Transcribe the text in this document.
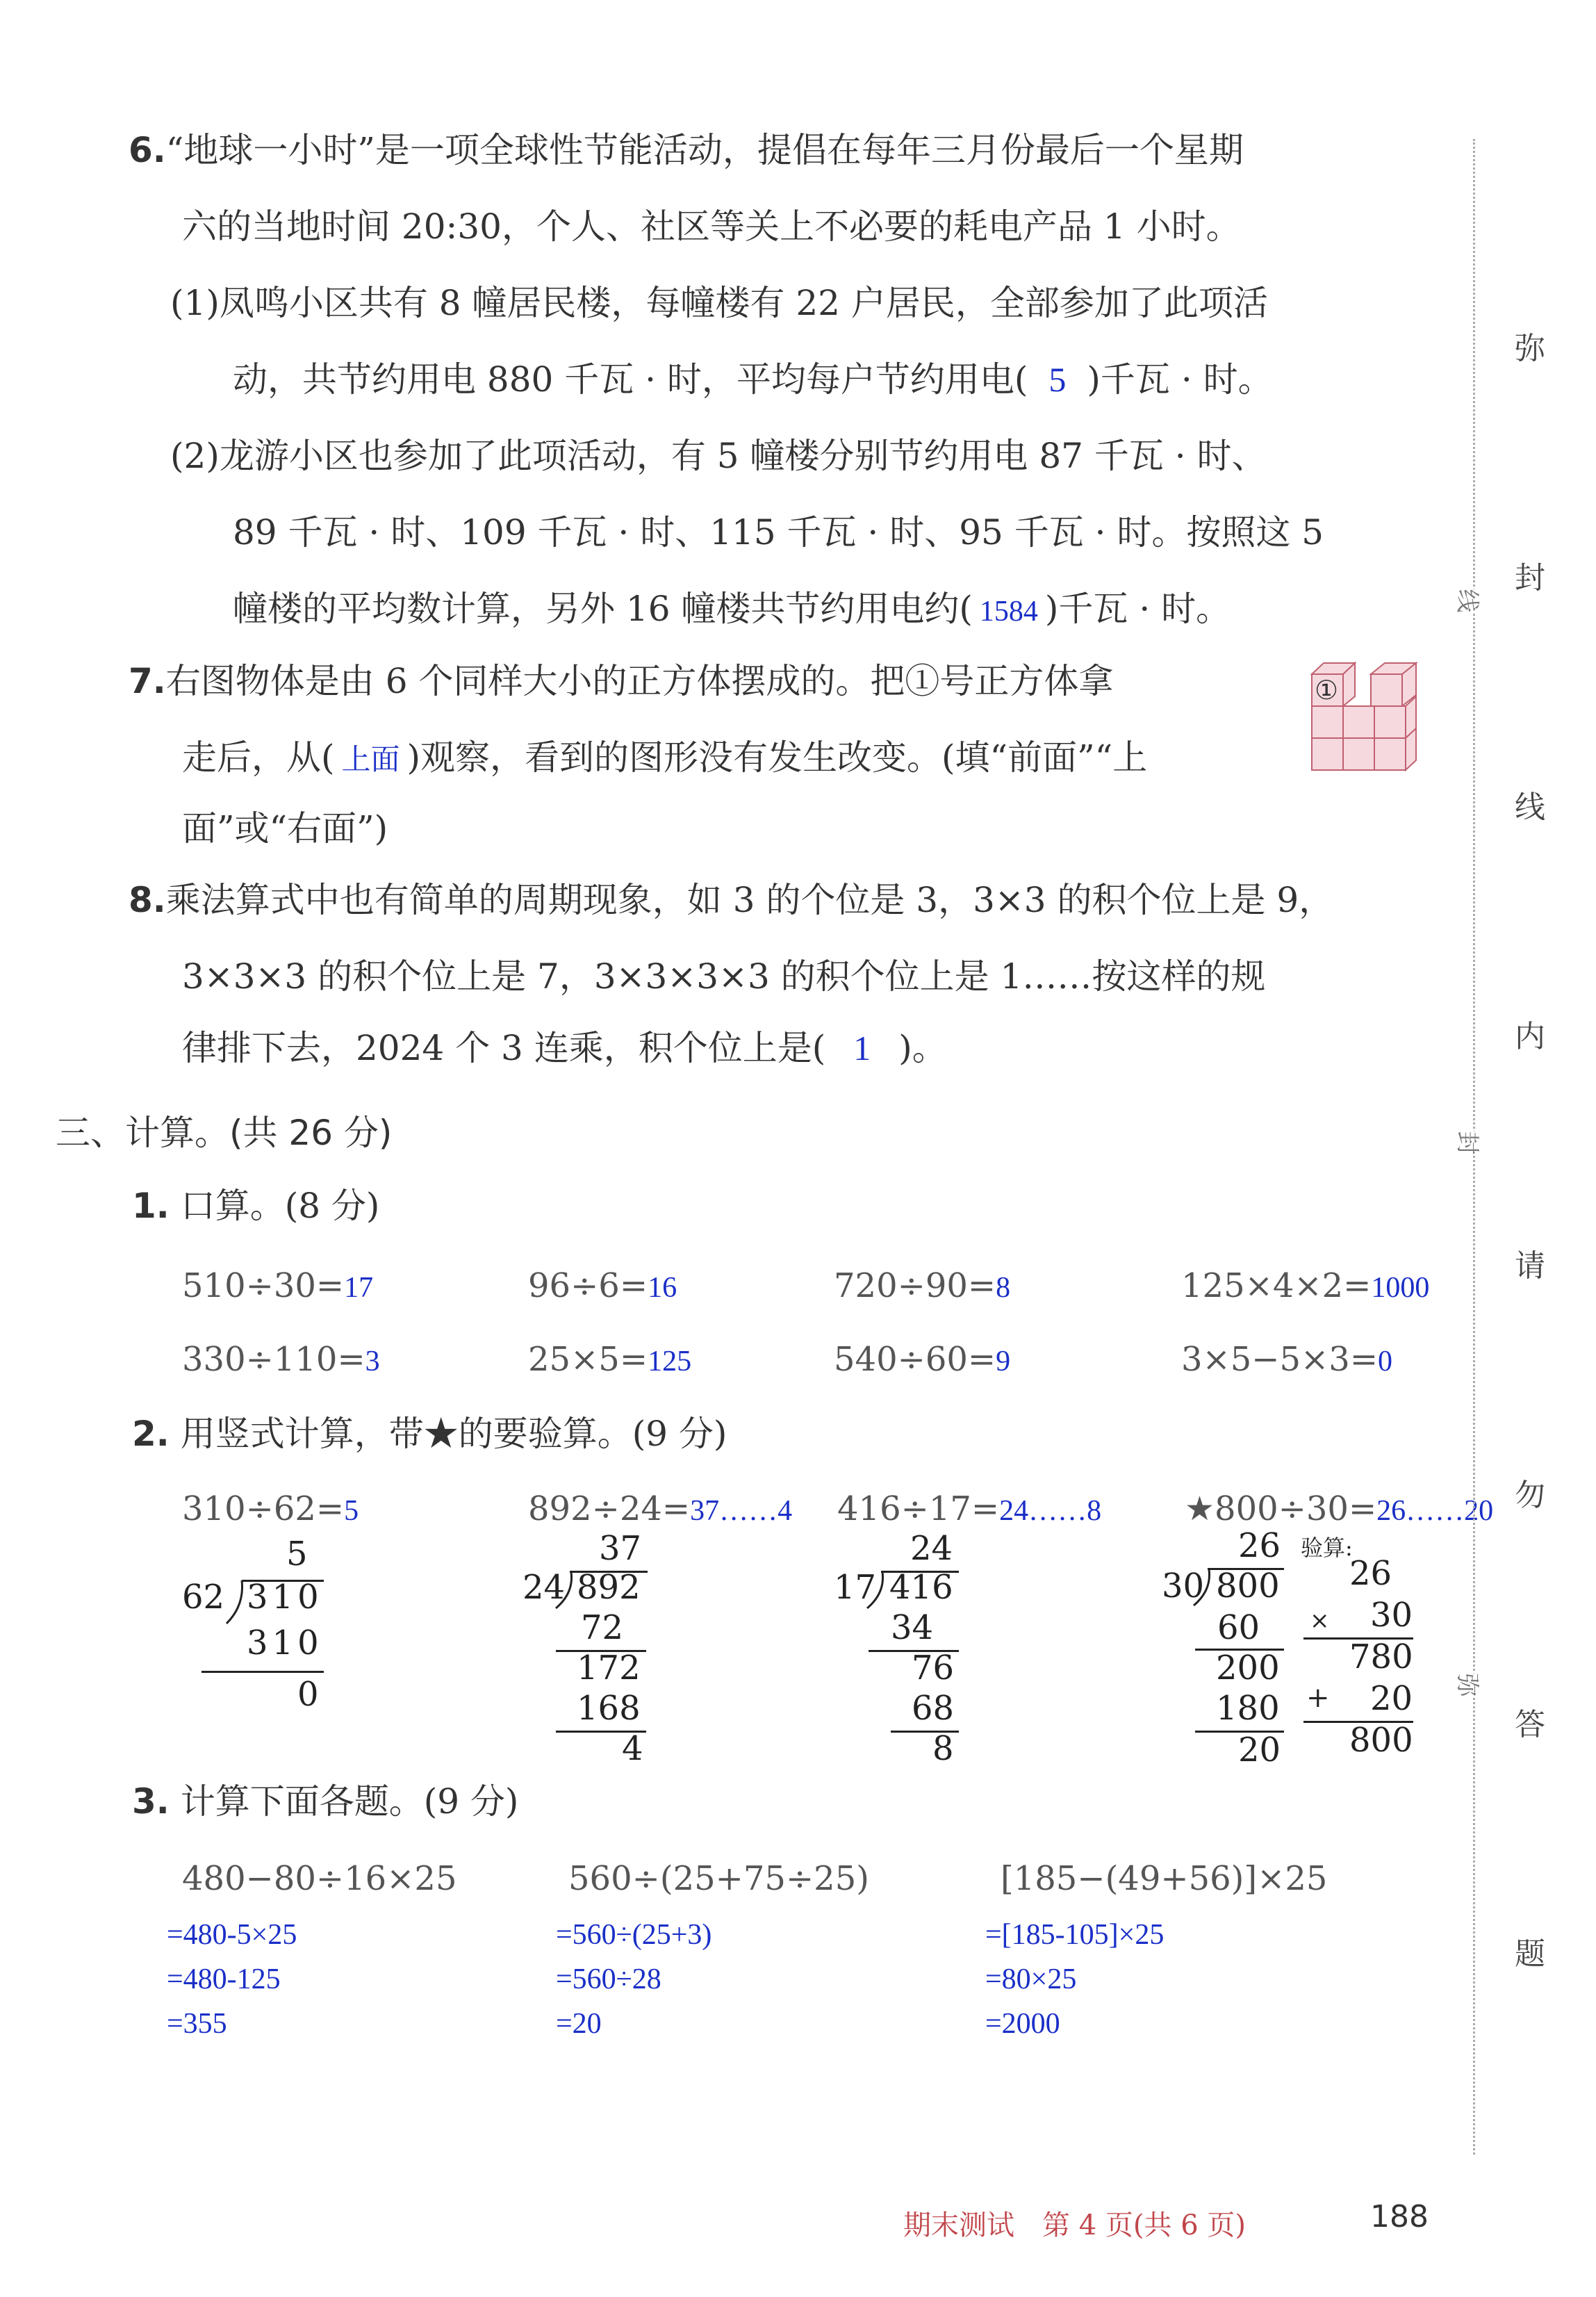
6.“地球一小时”是一项全球性节能活动，提倡在每年三月份最后一个星期
六的当地时间 20:30，个人、社区等关上不必要的耗电产品 1 小时。
(1)凤鸣小区共有 8 幢居民楼，每幢楼有 22 户居民，全部参加了此项活
动，共节约用电 880 千瓦 · 时，平均每户节约用电( 5 )千瓦 · 时。
(2)龙游小区也参加了此项活动，有 5 幢楼分别节约用电 87 千瓦 · 时、
89 千瓦 · 时、109 千瓦 · 时、115 千瓦 · 时、95 千瓦 · 时。按照这 5
幢楼的平均数计算，另外 16 幢楼共节约用电约( 1584 )千瓦 · 时。
7.右图物体是由 6 个同样大小的正方体摆成的。把①号正方体拿
走后，从( 上面 )观察，看到的图形没有发生改变。(填“前面”“上
面”或“右面”)
①
8.乘法算式中也有简单的周期现象，如 3 的个位是 3，3×3 的积个位上是 9，
3×3×3 的积个位上是 7，3×3×3×3 的积个位上是 1……按这样的规
律排下去，2024 个 3 连乘，积个位上是( 1 )。
三、计算。(共 26 分)
1. 口算。(8 分)
510÷30=17	96÷6=16	720÷90=8	125×4×2=1000
330÷110=3	25×5=125	540÷60=9	3×5−5×3=0
2. 用竖式计算，带★的要验算。(9 分)
310÷62=5	892÷24=37……4 416÷17=24……8 ★800÷30=26……20
5
62 310
310
0
37
24 892
72
172
168
4
24
17 416
34
76
68
8
26
30 800
60
200
180
20
验算:
26
× 30
780
+ 20
800
3. 计算下面各题。(9 分)
480−80÷16×25	560÷(25+75÷25)	[185−(49+56)]×25
=480-5×25
=480-125
=355
=560÷(25+3)
=560÷28
=20
=[185-105]×25
=80×25
=2000
弥
封
线
内
请
勿
答
题
线
封
弥
期末测试　第 4 页(共 6 页)	188
